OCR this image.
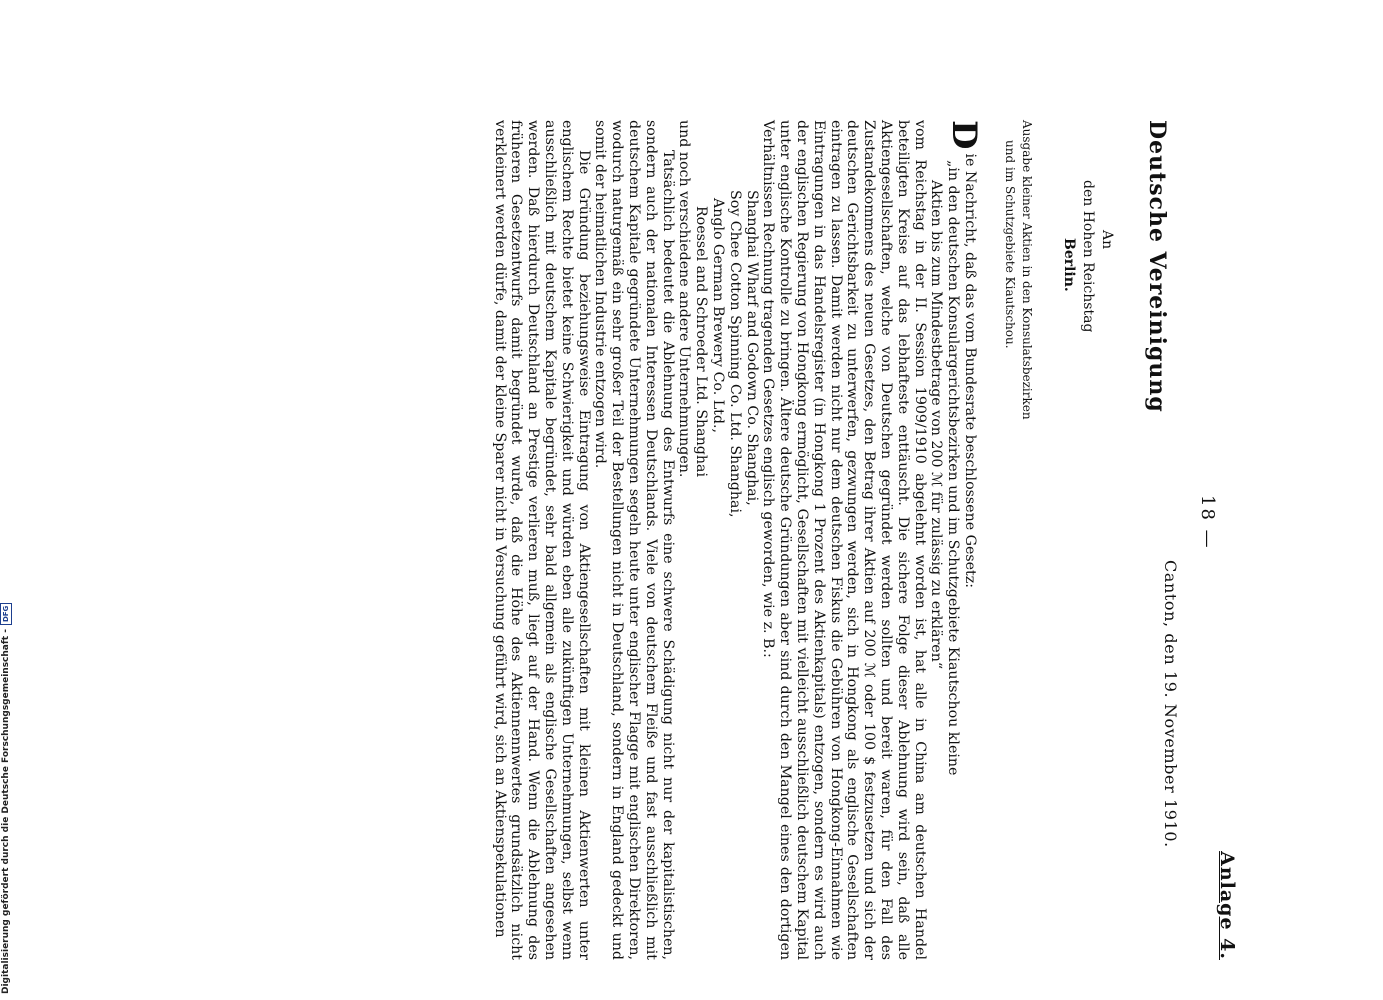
Anlage 4.
18 —
Canton, den 19. November 1910.
Deutsche Vereinigung
An
den Hohen Reichstag
Berlin.
Ausgabe kleiner Aktien in den Konsulatsbezirken
und im Schutzgebiete Kiautschou.

D
ie Nachricht, daß das vom Bundesrate beschlossene Gesetz:

„in den deutschen Konsulargerichtsbezirken und im Schutzgebiete Kiautschou kleine

Aktien bis zum Mindestbetrage von 200 ℳ für zulässig zu erklären“

vom Reichstag in der II. Session 1909/1910 abgelehnt worden ist, hat alle in China am deutschen Handel beteiligten Kreise auf das lebhafteste enttäuscht. Die sichere Folge dieser Ablehnung wird sein, daß alle Aktiengesellschaften, welche von Deutschen gegründet werden sollten und bereit waren, für den Fall des Zustandekommens des neuen Gesetzes, den Betrag ihrer Aktien auf 200 ℳ oder 100 $ festzusetzen und sich der deutschen Gerichtsbarkeit zu unterwerfen, gezwungen werden, sich in Hongkong als englische Gesellschaften eintragen zu lassen. Damit werden nicht nur dem deutschen Fiskus die Gebühren von Hongkong-Einnahmen wie Eintragungen in das Handelsregister (in Hongkong 1 Prozent des Aktienkapitals) entzogen, sondern es wird auch der englischen Regierung von Hongkong ermöglicht, Gesellschaften mit vielleicht ausschließlich deutschem Kapital unter englische Kontrolle zu bringen. Ältere deutsche Gründungen aber sind durch den Mangel eines den dortigen Verhältnissen Rechnung tragenden Gesetzes englisch geworden, wie z. B.:

Shanghai Wharf and Godown Co. Shanghai,

Soy Chee Cotton Spinning Co. Ltd. Shanghai,

Anglo German Brewery Co. Ltd.,

Roessel and Schroeder Ltd. Shanghai

und noch verschiedene andere Unternehmungen.

Tatsächlich bedeutet die Ablehnung des Entwurfs eine schwere Schädigung nicht nur der kapitalistischen, sondern auch der nationalen Interessen Deutschlands. Viele von deutschem Fleiße und fast ausschließlich mit deutschem Kapitale gegründete Unternehmungen segeln heute unter englischer Flagge mit englischen Direktoren, wodurch naturgemäß ein sehr großer Teil der Bestellungen nicht in Deutschland, sondern in England gedeckt und somit der heimatlichen Industrie entzogen wird.

Die Gründung beziehungsweise Eintragung von Aktiengesellschaften mit kleinen Aktienwerten unter englischem Rechte bietet keine Schwierigkeit und würden eben alle zukünftigen Unternehmungen, selbst wenn ausschließlich mit deutschem Kapitale begründet, sehr bald allgemein als englische Gesellschaften angesehen werden. Daß hierdurch Deutschland an Prestige verlieren muß, liegt auf der Hand. Wenn die Ablehnung des früheren Gesetzentwurfs damit begründet wurde, daß die Höhe des Aktiennennwertes grundsätzlich nicht verkleinert werden dürfe, damit der kleine Sparer nicht in Versuchung geführt wird, sich an Aktienspekulationen

Digitalisierung gefördert durch die Deutsche Forschungsgemeinschaft -
DFG
